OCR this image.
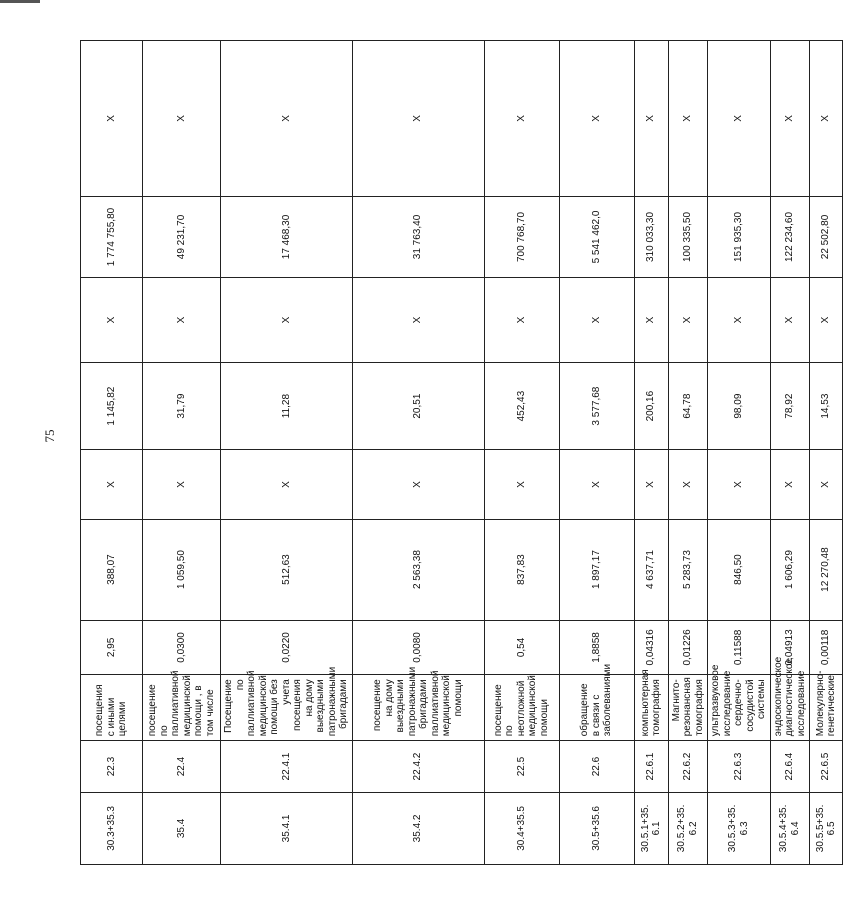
75
30.3+35.3	22.3	посещения с иными целями	2,95	388,07	X	1 145,82	X	1 774 755,80	X
35.4	22.4	посещение по паллиативной медицинской помощи , в том числе	0,0300	1 059,50	X	31,79	X	49 231,70	X
35.4.1	22.4.1	Посещение по паллиативной медицинской помощи без учета посещения на дому выездными патронажными бригадами	0,0220	512,63	X	11,28	X	17 468,30	X
35.4.2	22.4.2	посещение на дому выездными патронажными бригадами паллиативной медицинской помощи	0,0080	2 563,38	X	20,51	X	31 763,40	X
30.4+35.5	22.5	посещение по неотложной медицинской помощи	0,54	837,83	X	452,43	X	700 768,70	X
30.5+35.6	22.6	обращение в связи с заболеваниями	1,8858	1 897,17	X	3 577,68	X	5 541 462,0	X
30.5.1+35. 6.1	22.6.1	компьютерная томография	0,04316	4 637,71	X	200,16	X	310 033,30	X
30.5.2+35. 6.2	22.6.2	Магнито-резонансная томография	0,01226	5 283,73	X	64,78	X	100 335,50	X
30.5.3+35. 6.3	22.6.3	ультразвуковое исследование сердечно-сосудистой системы	0,11588	846,50	X	98,09	X	151 935,30	X
30.5.4+35. 6.4	22.6.4	эндоскопическое диагностическое исследование	0,04913	1 606,29	X	78,92	X	122 234,60	X
30.5.5+35. 6.5	22.6.5	Молекулярно-генетические	0,00118	12 270,48	X	14,53	X	22 502,80	X
